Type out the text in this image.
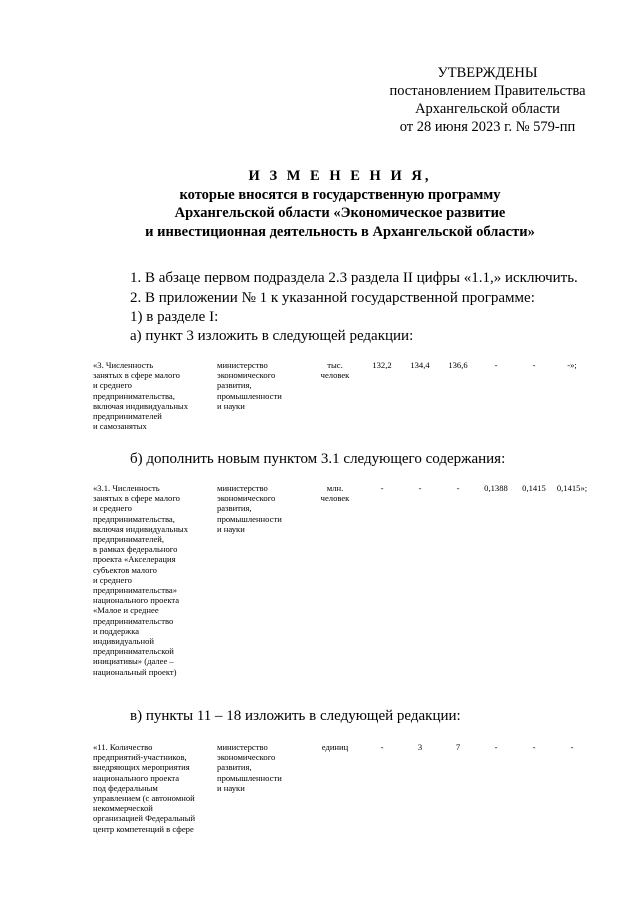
УТВЕРЖДЕНЫ
постановлением Правительства
Архангельской области
от 28 июня 2023 г. № 579-пп
И З М Е Н Е Н И Я,
которые вносятся в государственную программу
Архангельской области «Экономическое развитие
и инвестиционная деятельность в Архангельской области»
1. В абзаце первом подраздела 2.3 раздела II цифры «1.1,» исключить.
2. В приложении № 1 к указанной государственной программе:
1) в разделе I:
а) пункт 3 изложить в следующей редакции:
«3. Численность
занятых в сфере малого
и среднего
предпринимательства,
включая индивидуальных
предпринимателей
и самозанятых

министерство
экономического
развития,
промышленности
и науки

тыс.
человек
	132,2	134,4	136,6	-	-	-»;
б) дополнить новым пунктом 3.1 следующего содержания:
«3.1. Численность
занятых в сфере малого
и среднего
предпринимательства,
включая индивидуальных
предпринимателей,
в рамках федерального
проекта «Акселерация
субъектов малого
и среднего
предпринимательства»
национального проекта
«Малое и среднее
предпринимательство
и поддержка
индивидуальной
предпринимательской
инициативы» (далее –
национальный проект)

министерство
экономического
развития,
промышленности
и науки

млн.
человек
	-	-	-	0,1388	0,1415	0,1415»;
в) пункты 11 – 18 изложить в следующей редакции:
«11. Количество
предприятий-участников,
внедряющих мероприятия
национального проекта
под федеральным
управлением (с автономной
некоммерческой
организацией Федеральный
центр компетенций в сфере

министерство
экономического
развития,
промышленности
и науки

единиц	-	3	7	-	-	-
